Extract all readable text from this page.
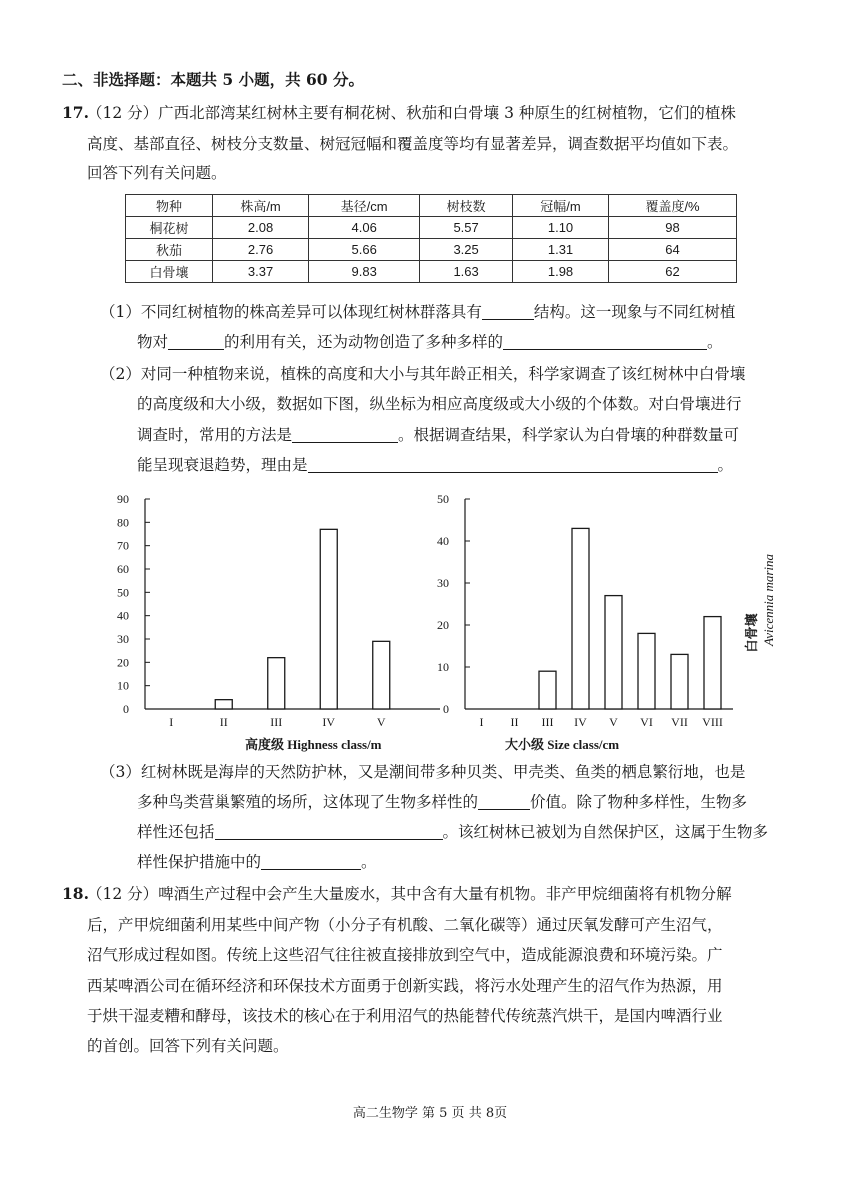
二、非选择题：本题共 5 小题，共 60 分。
17.
（12 分）广西北部湾某红树林主要有桐花树、秋茄和白骨壤 3 种原生的红树植物，它们的植株
高度、基部直径、树枝分支数量、树冠冠幅和覆盖度等均有显著差异，调查数据平均值如下表。
回答下列有关问题。
物种	株高/m	基径/cm	树枝数	冠幅/m	覆盖度/%
桐花树	2.08	4.06	5.57	1.10	98
秋茄	2.76	5.66	3.25	1.31	64
白骨壤	3.37	9.83	1.63	1.98	62
（1）不同红树植物的株高差异可以体现红树林群落具有	结构。这一现象与不同红树植
物对	的利用有关，还为动物创造了多种多样的	。
（2）对同一种植物来说，植株的高度和大小与其年龄正相关，科学家调查了该红树林中白骨壤
的高度级和大小级，数据如下图，纵坐标为相应高度级或大小级的个体数。对白骨壤进行
调查时，常用的方法是	。根据调查结果，科学家认为白骨壤的种群数量可
能呈现衰退趋势，理由是	。
0
10
20
30
40
50
60
70
80
90
I	II	III	IV	V
高度级 Highness class/m
0
10
20
30
40
50
I II III IV V VI VII VIII
大小级 Size class/cm
白骨壤 Avicennia marina
（3）红树林既是海岸的天然防护林，又是潮间带多种贝类、甲壳类、鱼类的栖息繁衍地，也是
多种鸟类营巢繁殖的场所，这体现了生物多样性的	价值。除了物种多样性，生物多
样性还包括	。该红树林已被划为自然保护区，这属于生物多
样性保护措施中的	。
18.
（12 分）啤酒生产过程中会产生大量废水，其中含有大量有机物。非产甲烷细菌将有机物分解
后，产甲烷细菌利用某些中间产物（小分子有机酸、二氧化碳等）通过厌氧发酵可产生沼气，
沼气形成过程如图。传统上这些沼气往往被直接排放到空气中，造成能源浪费和环境污染。广
西某啤酒公司在循环经济和环保技术方面勇于创新实践，将污水处理产生的沼气作为热源，用
于烘干湿麦糟和酵母，该技术的核心在于利用沼气的热能替代传统蒸汽烘干，是国内啤酒行业
的首创。回答下列有关问题。
高二生物学 第 5 页 共 8页
